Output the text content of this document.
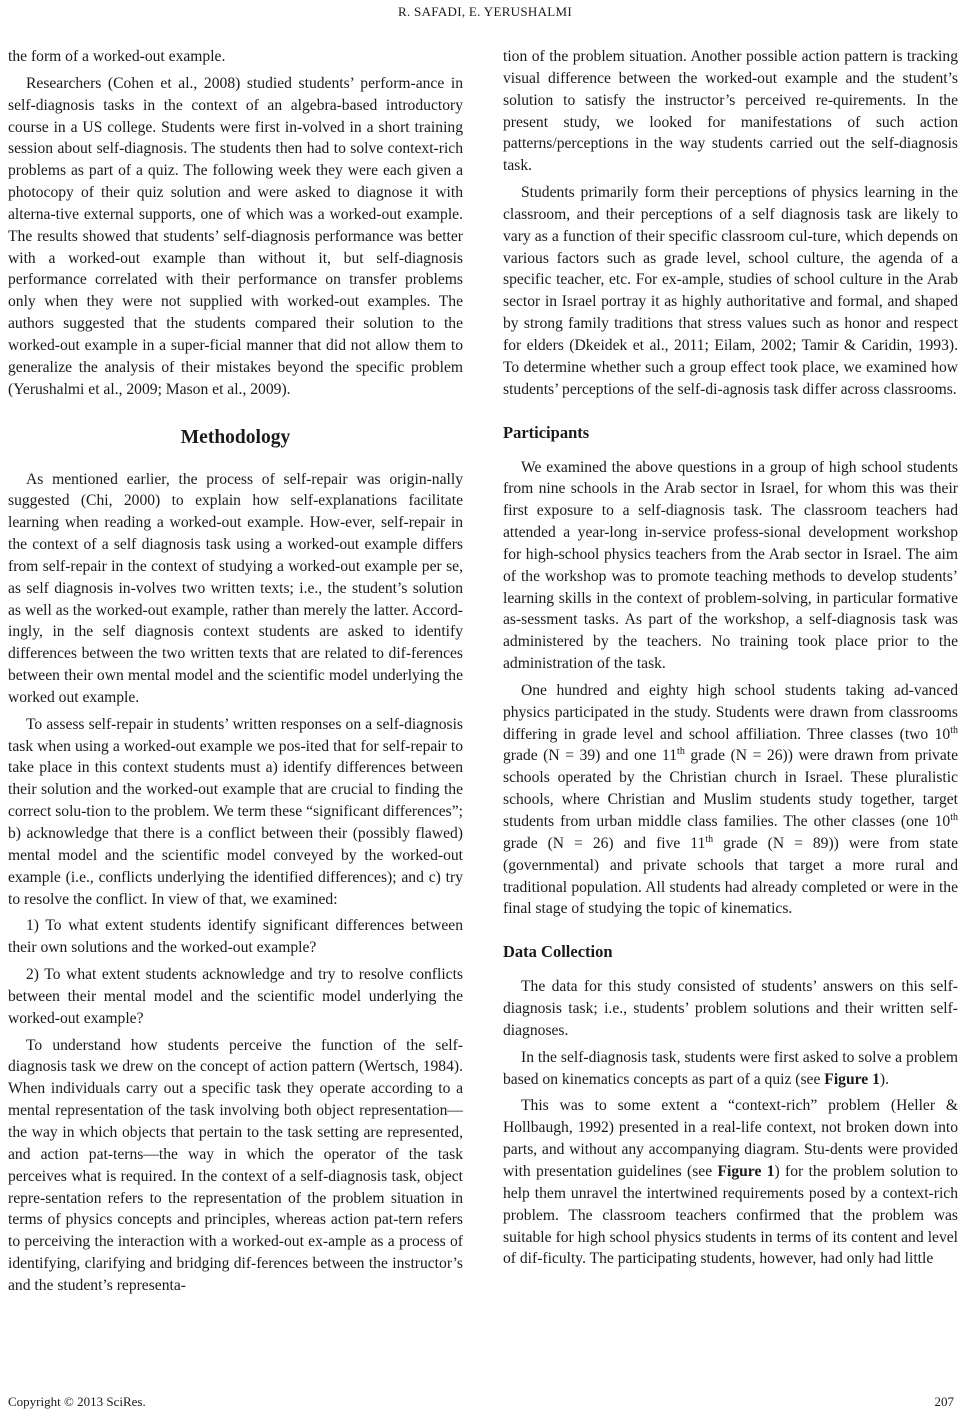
R. SAFADI, E. YERUSHALMI

the form of a worked-out example.

Researchers (Cohen et al., 2008) studied students’ perform-ance in self-diagnosis tasks in the context of an algebra-based introductory course in a US college. Students were first in-volved in a short training session about self-diagnosis. The students then had to solve context-rich problems as part of a quiz. The following week they were each given a photocopy of their quiz solution and were asked to diagnose it with alterna-tive external supports, one of which was a worked-out example. The results showed that students’ self-diagnosis performance was better with a worked-out example than without it, but self-diagnosis performance correlated with their performance on transfer problems only when they were not supplied with worked-out examples. The authors suggested that the students compared their solution to the worked-out example in a super-ficial manner that did not allow them to generalize the analysis of their mistakes beyond the specific problem (Yerushalmi et al., 2009; Mason et al., 2009).

Methodology

As mentioned earlier, the process of self-repair was origin-nally suggested (Chi, 2000) to explain how self-explanations facilitate learning when reading a worked-out example. How-ever, self-repair in the context of a self diagnosis task using a worked-out example differs from self-repair in the context of studying a worked-out example per se, as self diagnosis in-volves two written texts; i.e., the student’s solution as well as the worked-out example, rather than merely the latter. Accord-ingly, in the self diagnosis context students are asked to identify differences between the two written texts that are related to dif-ferences between their own mental model and the scientific model underlying the worked out example.

To assess self-repair in students’ written responses on a self-diagnosis task when using a worked-out example we pos-ited that for self-repair to take place in this context students must a) identify differences between their solution and the worked-out example that are crucial to finding the correct solu-tion to the problem. We term these “significant differences”; b) acknowledge that there is a conflict between their (possibly flawed) mental model and the scientific model conveyed by the worked-out example (i.e., conflicts underlying the identified differences); and c) try to resolve the conflict. In view of that, we examined:

1) To what extent students identify significant differences between their own solutions and the worked-out example?

2) To what extent students acknowledge and try to resolve conflicts between their mental model and the scientific model underlying the worked-out example?

To understand how students perceive the function of the self-diagnosis task we drew on the concept of action pattern (Wertsch, 1984). When individuals carry out a specific task they operate according to a mental representation of the task involving both object representation—the way in which objects that pertain to the task setting are represented, and action pat-terns—the way in which the operator of the task perceives what is required. In the context of a self-diagnosis task, object repre-sentation refers to the representation of the problem situation in terms of physics concepts and principles, whereas action pat-tern refers to perceiving the interaction with a worked-out ex-ample as a process of identifying, clarifying and bridging dif-ferences between the instructor’s and the student’s representa-

tion of the problem situation. Another possible action pattern is tracking visual difference between the worked-out example and the student’s solution to satisfy the instructor’s perceived re-quirements. In the present study, we looked for manifestations of such action patterns/perceptions in the way students carried out the self-diagnosis task.

Students primarily form their perceptions of physics learning in the classroom, and their perceptions of a self diagnosis task are likely to vary as a function of their specific classroom cul-ture, which depends on various factors such as grade level, school culture, the agenda of a specific teacher, etc. For ex-ample, studies of school culture in the Arab sector in Israel portray it as highly authoritative and formal, and shaped by strong family traditions that stress values such as honor and respect for elders (Dkeidek et al., 2011; Eilam, 2002; Tamir & Caridin, 1993). To determine whether such a group effect took place, we examined how students’ perceptions of the self-di-agnosis task differ across classrooms.

Participants

We examined the above questions in a group of high school students from nine schools in the Arab sector in Israel, for whom this was their first exposure to a self-diagnosis task. The classroom teachers had attended a year-long in-service profess-sional development workshop for high-school physics teachers from the Arab sector in Israel. The aim of the workshop was to promote teaching methods to develop students’ learning skills in the context of problem-solving, in particular formative as-sessment tasks. As part of the workshop, a self-diagnosis task was administered by the teachers. No training took place prior to the administration of the task.

One hundred and eighty high school students taking ad-vanced physics participated in the study. Students were drawn from classrooms differing in grade level and school affiliation. Three classes (two 10th grade (N = 39) and one 11th grade (N = 26)) were drawn from private schools operated by the Christian church in Israel. These pluralistic schools, where Christian and Muslim students study together, target students from urban middle class families. The other classes (one 10th grade (N = 26) and five 11th grade (N = 89)) were from state (governmental) and private schools that target a more rural and traditional population. All students had already completed or were in the final stage of studying the topic of kinematics.

Data Collection

The data for this study consisted of students’ answers on this self-diagnosis task; i.e., students’ problem solutions and their written self-diagnoses.

In the self-diagnosis task, students were first asked to solve a problem based on kinematics concepts as part of a quiz (see Figure 1).

This was to some extent a “context-rich” problem (Heller & Hollbaugh, 1992) presented in a real-life context, not broken down into parts, and without any accompanying diagram. Stu-dents were provided with presentation guidelines (see Figure 1) for the problem solution to help them unravel the intertwined requirements posed by a context-rich problem. The classroom teachers confirmed that the problem was suitable for high school physics students in terms of its content and level of dif-ficulty. The participating students, however, had only had little

Copyright © 2013 SciRes.	207
